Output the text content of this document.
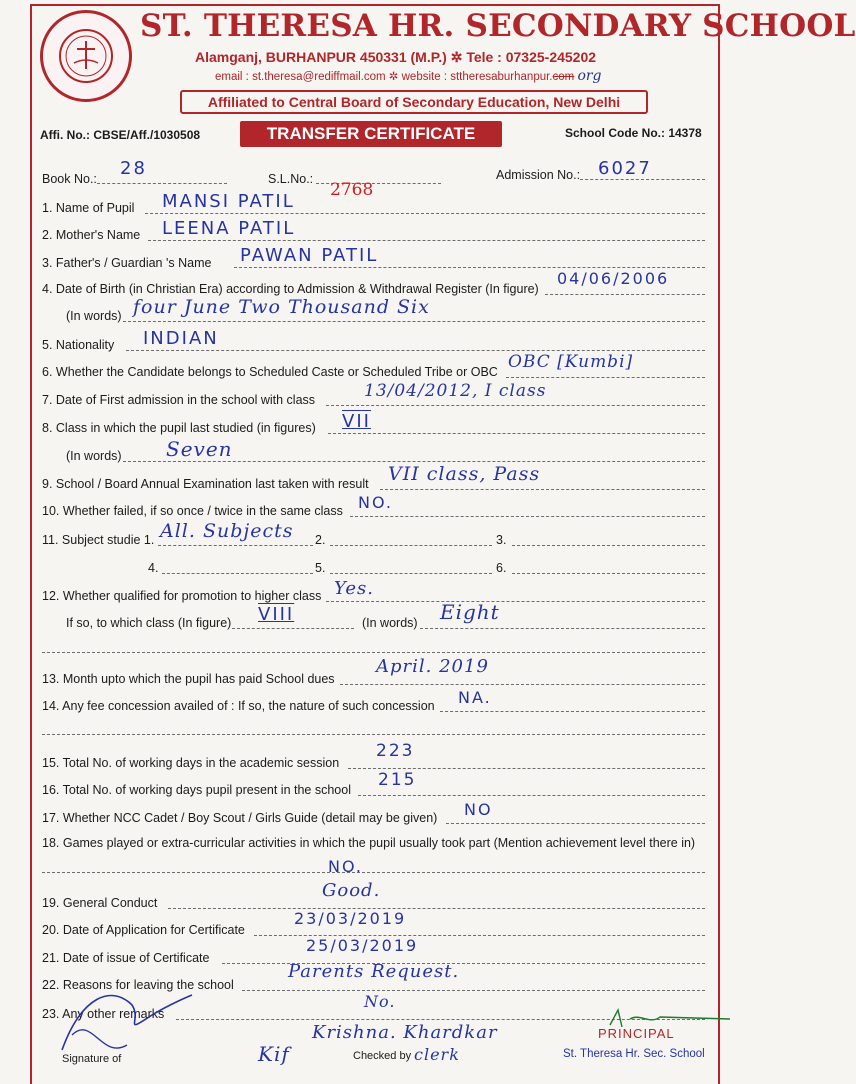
ST. THERESA HR. SECONDARY SCHOOL
Alamganj, BURHANPUR 450331 (M.P.) ✲ Tele : 07325-245202
email : st.theresa@rediffmail.com ✲ website : sttheresaburhanpur.com org
Affiliated to Central Board of Secondary Education, New Delhi
Affi. No.: CBSE/Aff./1030508	TRANSFER CERTIFICATE	School Code No.: 14378
Book No.: 28	S.L.No.:
2768
Admission No.: 6027
1. Name of Pupil MANSI PATIL
2. Mother's Name LEENA PATIL
3. Father's / Guardian 's Name PAWAN PATIL
4. Date of Birth (in Christian Era) according to Admission & Withdrawal Register (In figure)
04/06/2006
(In words) four June Two Thousand Six
5. Nationality INDIAN
6. Whether the Candidate belongs to Scheduled Caste or Scheduled Tribe or OBC OBC [Kumbi]
7. Date of First admission in the school with class	13/04/2012, I class
8. Class in which the pupil last studied (in figures) VII
(In words) Seven
9. School / Board Annual Examination last taken with result VII class, Pass
10. Whether failed, if so once / twice in the same class NO.
11. Subject studie 1. All. Subjects 2.	3.
4.	5.	6.
12. Whether qualified for promotion to higher class Yes.
If so, to which class (In figure) VIII	(In words) Eight
13. Month upto which the pupil has paid School dues
April. 2019
14. Any fee concession availed of : If so, the nature of such concession NA.
15. Total No. of working days in the academic session
223
16. Total No. of working days pupil present in the school 215
17. Whether NCC Cadet / Boy Scout / Girls Guide (detail may be given) NO
18. Games played or extra-curricular activities in which the pupil usually took part (Mention achievement level there in)
NO.
19. General Conduct
Good.
20. Date of Application for Certificate
23/03/2019
21. Date of issue of Certificate
25/03/2019
22. Reasons for leaving the school
Parents Request.
23. Any other remarks
No.
PRINCIPAL
St. Theresa Hr. Sec. School
Krishna. Khardkar
Checked by clerk
Kif
Signature of
